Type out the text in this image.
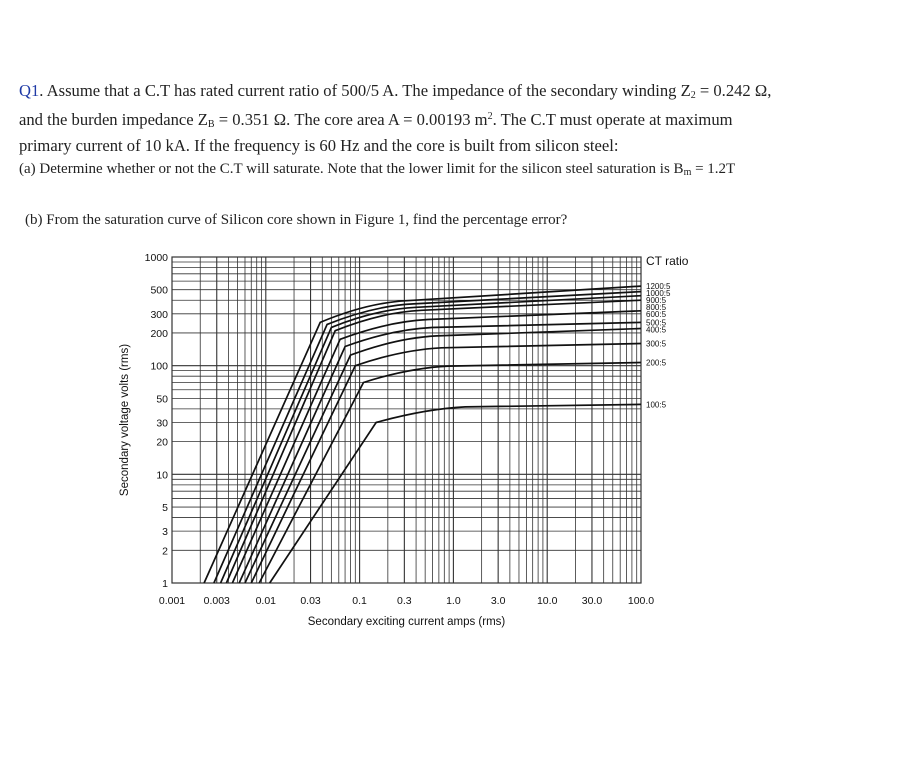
Q1. Assume that a C.T has rated current ratio of 500/5 A. The impedance of the secondary winding $Z_2 = 0.242$ Ω, and the burden impedance $Z_B = 0.351$ Ω. The core area A = 0.00193 $m^2$. The C.T must operate at maximum primary current of 10 kA. If the frequency is 60 Hz and the core is built from silicon steel:
(a) Determine whether or not the C.T will saturate. Note that the lower limit for the silicon steel saturation is $B_m = 1.2T$
(b) From the saturation curve of Silicon core shown in Figure 1, find the percentage error?
0.001 0.003 0.01 0.03	0.1	0.3	1.0	3.0	10.0 30.0 100.0
1
2
3
5
10
20
30
50
100
200
300
500
1000
Secondary exciting current amps (rms)
Secondary voltage volts (rms)
CT ratio
1200:5
1000:5
900:5
800:5
600:5
500:5
400:5
300:5
200:5
100:5
